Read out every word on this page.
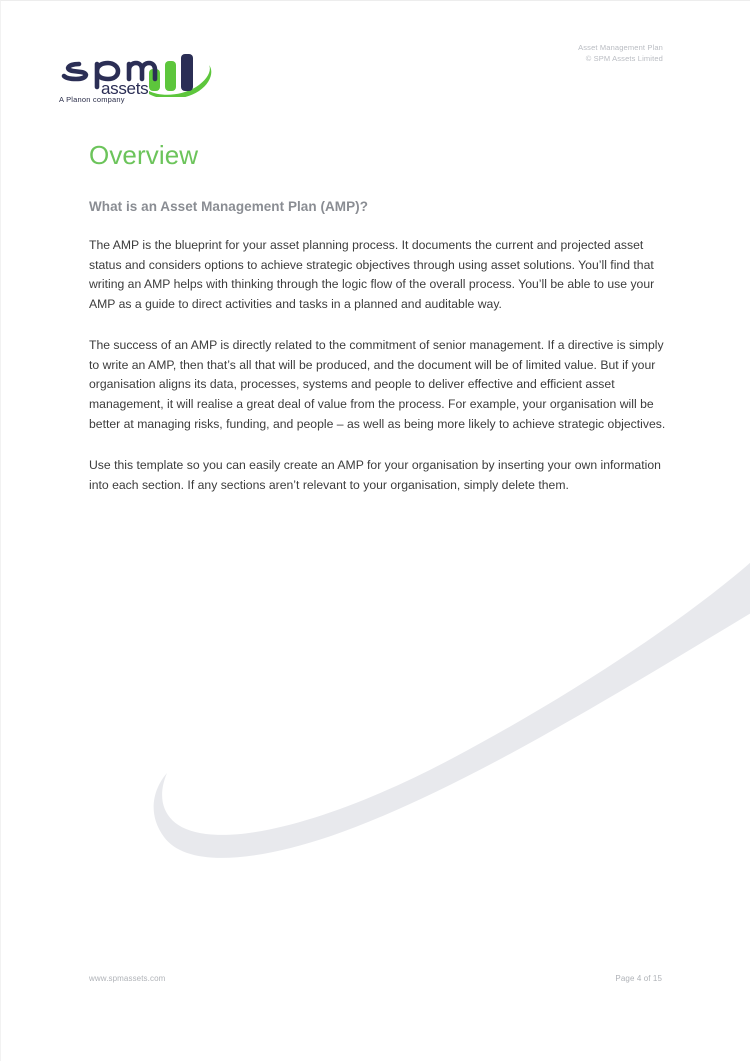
assets
A Planon company
Asset Management Plan
© SPM Assets Limited
Overview
What is an Asset Management Plan (AMP)?

The AMP is the blueprint for your asset planning process. It documents the current and projected asset status and considers options to achieve strategic objectives through using asset solutions. You’ll find that writing an AMP helps with thinking through the logic flow of the overall process. You’ll be able to use your AMP as a guide to direct activities and tasks in a planned and auditable way.

The success of an AMP is directly related to the commitment of senior management. If a directive is simply to write an AMP, then that’s all that will be produced, and the document will be of limited value. But if your organisation aligns its data, processes, systems and people to deliver effective and efficient asset management, it will realise a great deal of value from the process. For example, your organisation will be better at managing risks, funding, and people – as well as being more likely to achieve strategic objectives.

Use this template so you can easily create an AMP for your organisation by inserting your own information into each section. If any sections aren’t relevant to your organisation, simply delete them.

www.spmassets.com	Page 4 of 15
